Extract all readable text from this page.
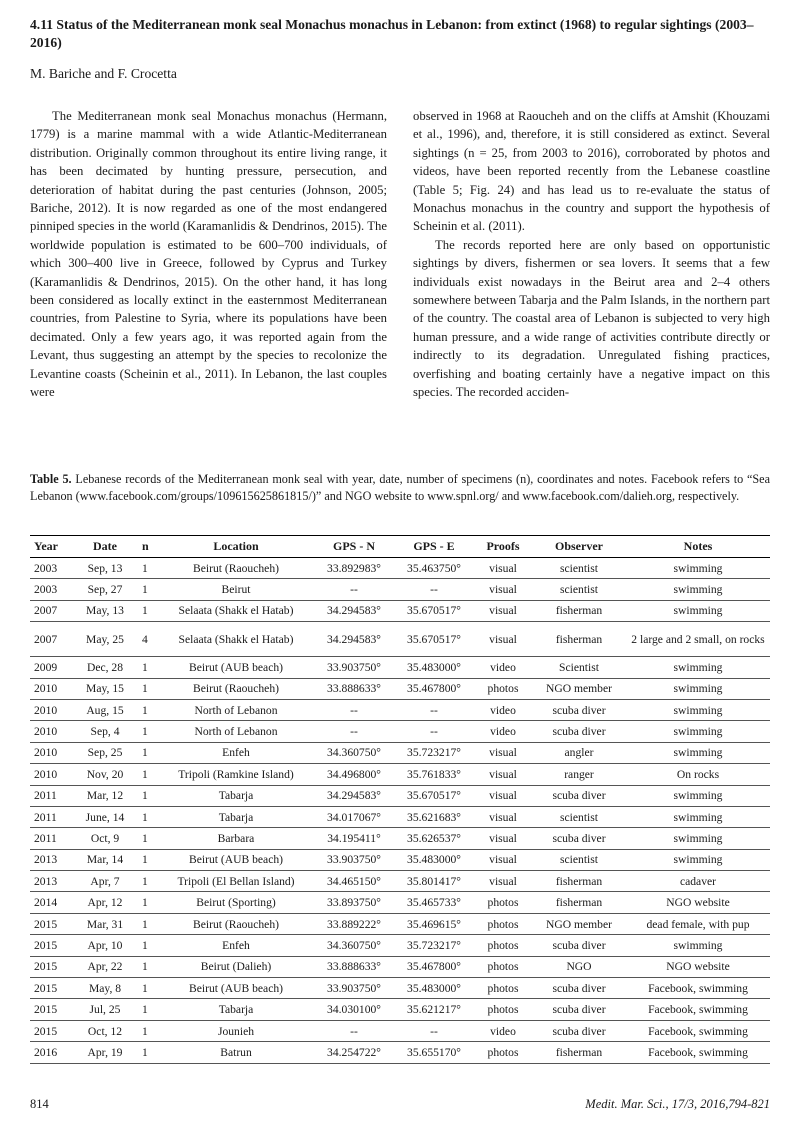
4.11 Status of the Mediterranean monk seal Monachus monachus in Lebanon: from extinct (1968) to regular sightings (2003–2016)
M. Bariche and F. Crocetta

The Mediterranean monk seal Monachus monachus (Hermann, 1779) is a marine mammal with a wide Atlantic-Mediterranean distribution. Originally common throughout its entire living range, it has been decimated by hunting pressure, persecution, and deterioration of habitat during the past centuries (Johnson, 2005; Bariche, 2012). It is now regarded as one of the most endangered pinniped species in the world (Karamanlidis & Dendrinos, 2015). The worldwide population is estimated to be 600–700 individuals, of which 300–400 live in Greece, followed by Cyprus and Turkey (Karamanlidis & Dendrinos, 2015). On the other hand, it has long been considered as locally extinct in the easternmost Mediterranean countries, from Palestine to Syria, where its populations have been decimated. Only a few years ago, it was reported again from the Levant, thus suggesting an attempt by the species to recolonize the Levantine coasts (Scheinin et al., 2011). In Lebanon, the last couples were

observed in 1968 at Raoucheh and on the cliffs at Amshit (Khouzami et al., 1996), and, therefore, it is still considered as extinct. Several sightings (n = 25, from 2003 to 2016), corroborated by photos and videos, have been reported recently from the Lebanese coastline (Table 5; Fig. 24) and has lead us to re-evaluate the status of Monachus monachus in the country and support the hypothesis of Scheinin et al. (2011).

The records reported here are only based on opportunistic sightings by divers, fishermen or sea lovers. It seems that a few individuals exist nowadays in the Beirut area and 2–4 others somewhere between Tabarja and the Palm Islands, in the northern part of the country. The coastal area of Lebanon is subjected to very high human pressure, and a wide range of activities contribute directly or indirectly to its degradation. Unregulated fishing practices, overfishing and boating certainly have a negative impact on this species. The recorded acciden-

Table 5. Lebanese records of the Mediterranean monk seal with year, date, number of specimens (n), coordinates and notes. Facebook refers to “Sea Lebanon (www.facebook.com/groups/109615625861815/)” and NGO website to www.spnl.org/ and www.facebook.com/dalieh.org, respectively.
Year	Date	n	Location	GPS - N	GPS - E	Proofs	Observer	Notes
2003	Sep, 13	1	Beirut (Raoucheh)	33.892983°	35.463750°	visual	scientist	swimming
2003	Sep, 27	1	Beirut	--	--	visual	scientist	swimming
2007	May, 13	1	Selaata (Shakk el Hatab)	34.294583°	35.670517°	visual	fisherman	swimming
2007	May, 25	4	Selaata (Shakk el Hatab)	34.294583°	35.670517°	visual	fisherman	2 large and 2 small, on rocks
2009	Dec, 28	1	Beirut (AUB beach)	33.903750°	35.483000°	video	Scientist	swimming
2010	May, 15	1	Beirut (Raoucheh)	33.888633°	35.467800°	photos	NGO member	swimming
2010	Aug, 15	1	North of Lebanon	--	--	video	scuba diver	swimming
2010	Sep, 4	1	North of Lebanon	--	--	video	scuba diver	swimming
2010	Sep, 25	1	Enfeh	34.360750°	35.723217°	visual	angler	swimming
2010	Nov, 20	1	Tripoli (Ramkine Island)	34.496800°	35.761833°	visual	ranger	On rocks
2011	Mar, 12	1	Tabarja	34.294583°	35.670517°	visual	scuba diver	swimming
2011	June, 14	1	Tabarja	34.017067°	35.621683°	visual	scientist	swimming
2011	Oct, 9	1	Barbara	34.195411°	35.626537°	visual	scuba diver	swimming
2013	Mar, 14	1	Beirut (AUB beach)	33.903750°	35.483000°	visual	scientist	swimming
2013	Apr, 7	1	Tripoli (El Bellan Island)	34.465150°	35.801417°	visual	fisherman	cadaver
2014	Apr, 12	1	Beirut (Sporting)	33.893750°	35.465733°	photos	fisherman	NGO website
2015	Mar, 31	1	Beirut (Raoucheh)	33.889222°	35.469615°	photos	NGO member	dead female, with pup
2015	Apr, 10	1	Enfeh	34.360750°	35.723217°	photos	scuba diver	swimming
2015	Apr, 22	1	Beirut (Dalieh)	33.888633°	35.467800°	photos	NGO	NGO website
2015	May, 8	1	Beirut (AUB beach)	33.903750°	35.483000°	photos	scuba diver	Facebook, swimming
2015	Jul, 25	1	Tabarja	34.030100°	35.621217°	photos	scuba diver	Facebook, swimming
2015	Oct, 12	1	Jounieh	--	--	video	scuba diver	Facebook, swimming
2016	Apr, 19	1	Batrun	34.254722°	35.655170°	photos	fisherman	Facebook, swimming
814	Medit. Mar. Sci., 17/3, 2016,794-821
